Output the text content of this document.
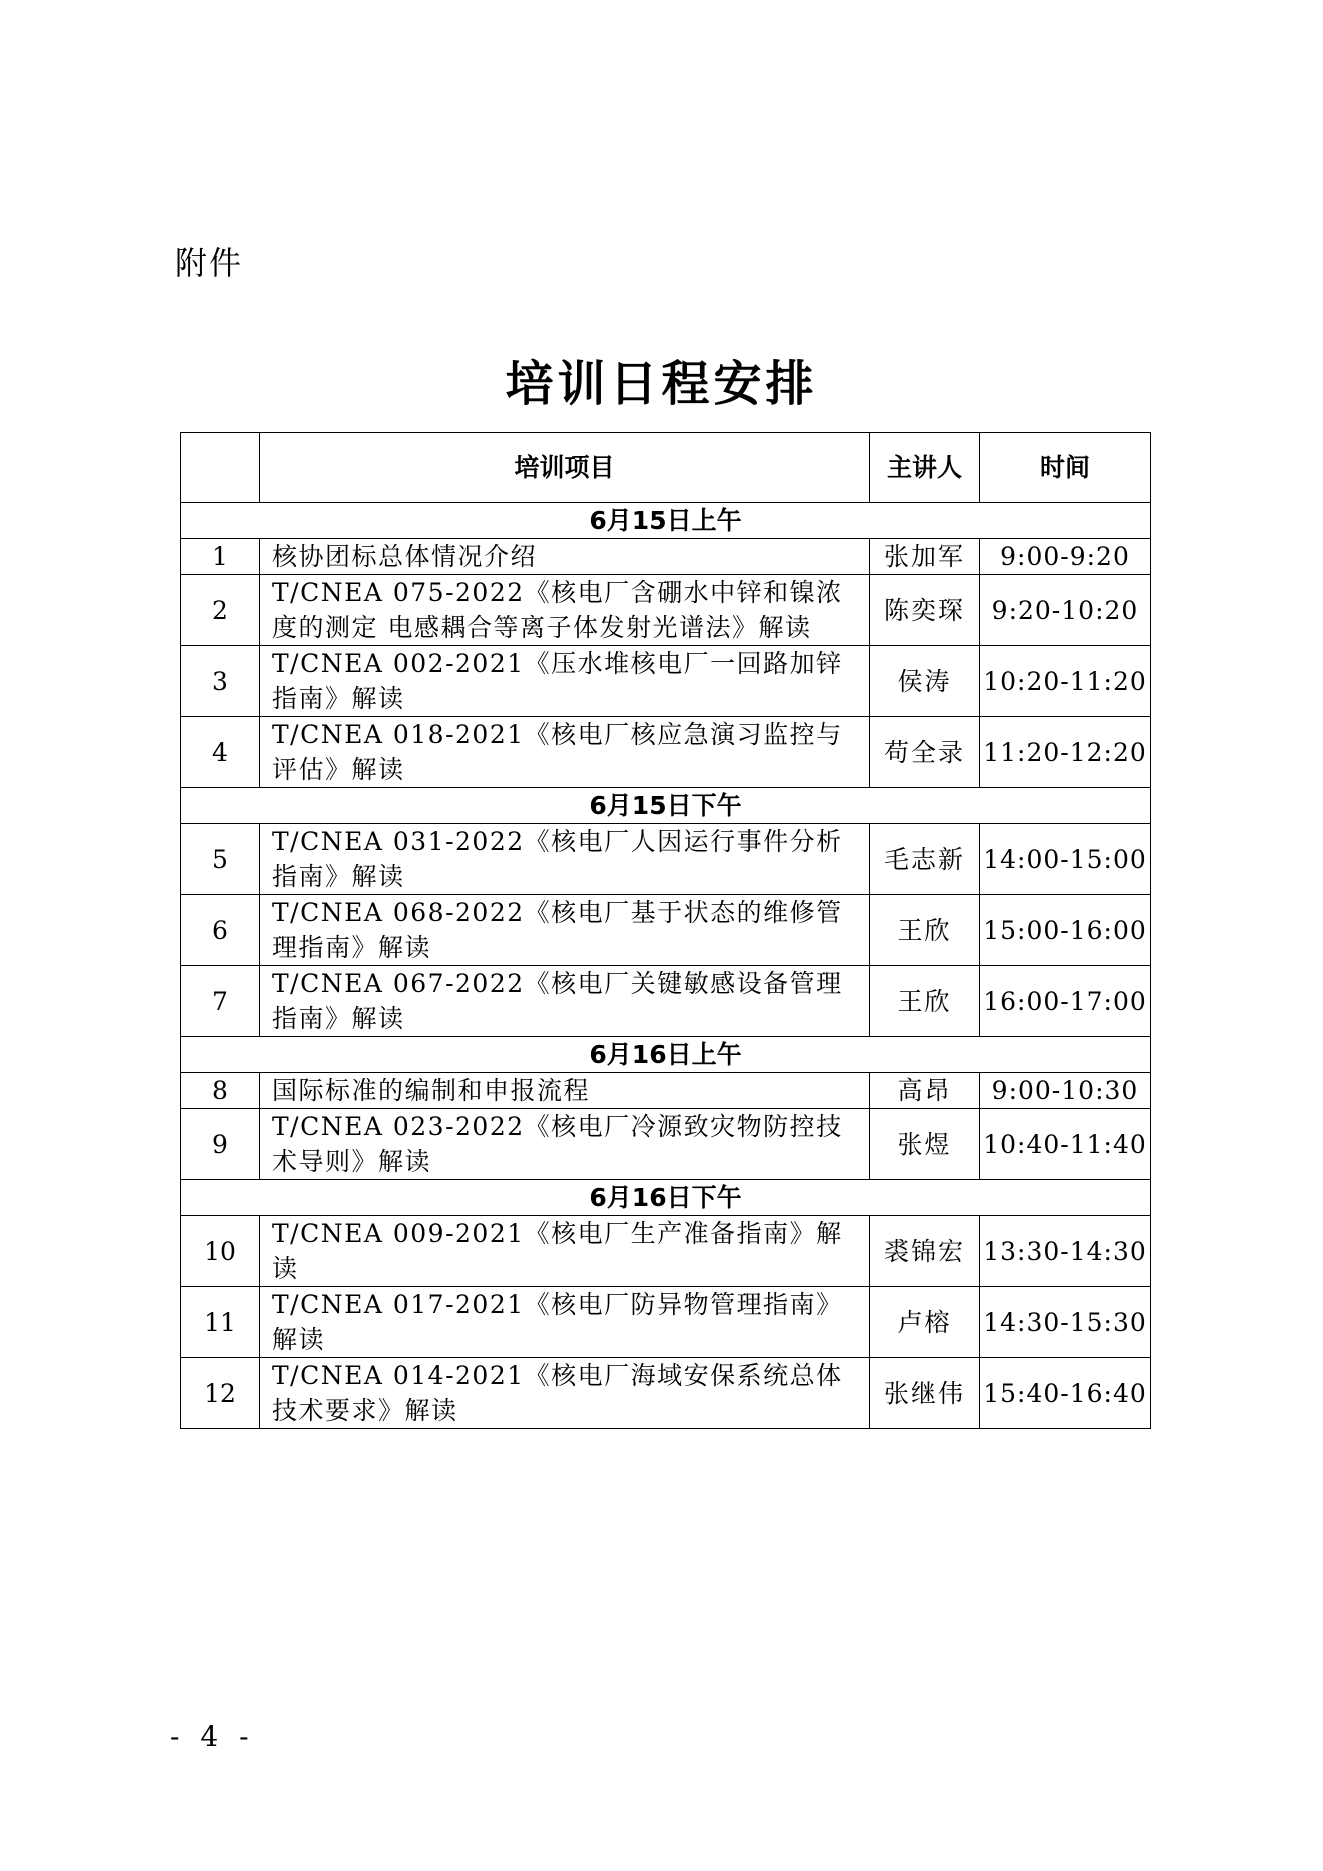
附件
培训日程安排
	培训项目	主讲人	时间
6月15日上午			
1	核协团标总体情况介绍	张加军	9:00-9:20
2	T/CNEA 075-2022《核电厂含硼水中锌和镍浓度的测定 电感耦合等离子体发射光谱法》解读	陈奕琛	9:20-10:20
3	T/CNEA 002-2021《压水堆核电厂一回路加锌指南》解读	侯涛	10:20-11:20
4	T/CNEA 018-2021《核电厂核应急演习监控与评估》解读	苟全录	11:20-12:20
6月15日下午			
5	T/CNEA 031-2022《核电厂人因运行事件分析指南》解读	毛志新	14:00-15:00
6	T/CNEA 068-2022《核电厂基于状态的维修管理指南》解读	王欣	15:00-16:00
7	T/CNEA 067-2022《核电厂关键敏感设备管理指南》解读	王欣	16:00-17:00
6月16日上午			
8	国际标准的编制和申报流程	高昂	9:00-10:30
9	T/CNEA 023-2022《核电厂冷源致灾物防控技术导则》解读	张煜	10:40-11:40
6月16日下午			
10	T/CNEA 009-2021《核电厂生产准备指南》解读	裘锦宏	13:30-14:30
11	T/CNEA 017-2021《核电厂防异物管理指南》解读	卢榕	14:30-15:30
12	T/CNEA 014-2021《核电厂海域安保系统总体技术要求》解读	张继伟	15:40-16:40
- 4 -
